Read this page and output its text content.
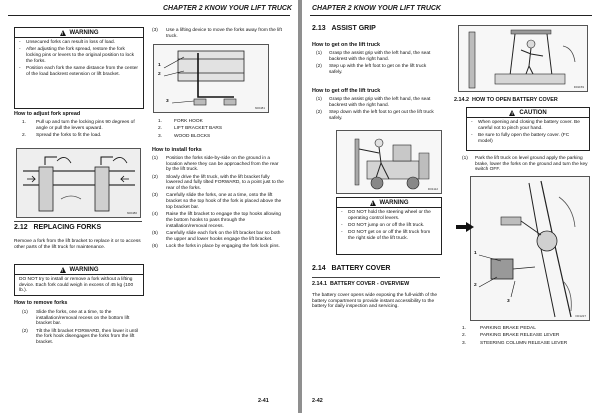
CHAPTER 2 KNOW YOUR LIFT TRUCK
!
WARNING
-	Unsecured forks can result in loss of load.
-	After adjusting the fork spread, restore the fork locking pins or levers to the original position to lock the forks.
-	Position each fork the same distance from the center of the load backrest extension or lift bracket.
How to adjust fork spread
1.	Pull up and turn the locking pins 90 degrees of angle or pull the levers upward.
2.	Spread the forks to fit the load.
600480
2.12 REPLACING FORKS
Remove a fork from the lift bracket to replace it or to access other parts of the lift truck for maintenance.
!
WARNING
DO NOT try to install or remove a fork without a lifting device. Each fork could weigh in excess of 45 kg (100 lb.).
How to remove forks
(1)	Slide the forks, one at a time, to the installation/removal recess on the bottom lift bracket bar.
(2)	Tilt the lift bracket FORWARD, then lower it until the fork hook disengages the forks from the lift bracket.
(3)	Use a lifting device to move the forks away from the lift truck.
1
2
3
600481
1.	FORK HOOK
2.	LIFT BRACKET BARS
3.	WOOD BLOCKS
How to install forks
(1)	Position the forks side-by-side on the ground in a location where they can be approached from the rear by the lift truck.
(2)	Slowly drive the lift truck, with the lift bracket fully lowered and fully tilted FORWARD, to a point just to the rear of the forks.
(3)	Carefully slide the forks, one at a time, onto the lift bracket so the top hook of the fork is placed above the top bracket bar.
(4)	Raise the lift bracket to engage the top hooks allowing the bottom hooks to pass through the installation/removal recess.
(5)	Carefully slide each fork on the lift bracket bar so both the upper and lower hooks engage the lift bracket.
(6)	Lock the forks in place by engaging the fork lock pins.
2-41
CHAPTER 2 KNOW YOUR LIFT TRUCK
2.13 ASSIST GRIP
How to get on the lift truck
(1)	Grasp the assist grip with the left hand, the seat backrest with the right hand.
(2)	Step up with the left foot to get on the lift truck safely.
D01159
How to get off the lift truck
(1)	Grasp the assist grip with the left hand, the seat backrest with the right hand.
(2)	Step down with the left foot to get out the lift truck safely.
D01112
!
WARNING
-	DO NOT hold the steering wheel or the operating control levers.
-	DO NOT jump on or off the lift truck.
-	DO NOT get on or off the lift truck from the right side of the lift truck.
2.14 BATTERY COVER
2.14.1 BATTERY COVER - OVERVIEW
The battery cover opens wide exposing the full-width of the battery compartment to provide instant accessibility to the battery for daily inspection and servicing.
2.14.2 HOW TO OPEN BATTERY COVER
!
CAUTION
-	When opening and closing the battery cover. Be careful not to pinch your hand.
-	Be sure to fully open the battery cover. (FC model)
(1)	Park the lift truck on level ground apply the parking brake, lower the forks on the ground and turn the key switch OFF.
1
2
3
D01227
1.	PARKING BRAKE PEDAL
2.	PARKING BRAKE RELEASE LEVER
3.	STEERING COLUMN RELEASE LEVER
2-42
